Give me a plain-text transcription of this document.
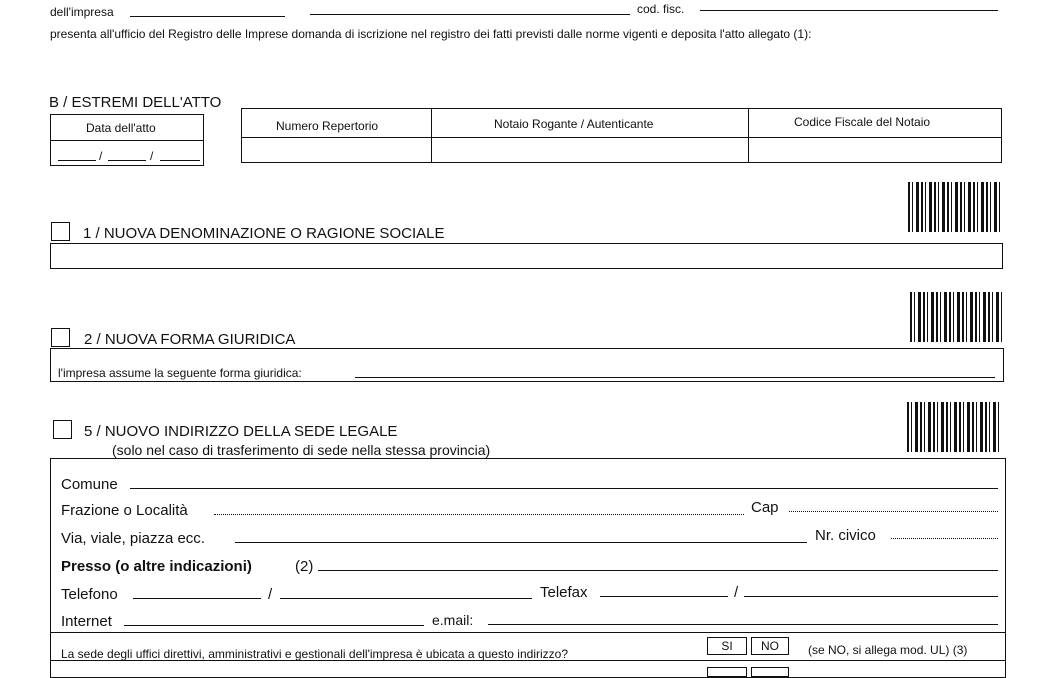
dell'impresa	cod. fisc.
presenta all'ufficio del Registro delle Imprese domanda di iscrizione nel registro dei fatti previsti dalle norme vigenti e deposita l'atto allegato (1):
B / ESTREMI DELL'ATTO
Data dell'atto
/	/
Numero Repertorio	Notaio Rogante / Autenticante	Codice Fiscale del Notaio
1 / NUOVA DENOMINAZIONE O RAGIONE SOCIALE
2 / NUOVA FORMA GIURIDICA
l'impresa assume la seguente forma giuridica:
5 / NUOVO INDIRIZZO DELLA SEDE LEGALE
(solo nel caso di trasferimento di sede nella stessa provincia)
Comune
Frazione o Località	Cap
Via, viale, piazza ecc.	Nr. civico
Presso (o altre indicazioni)	(2)
Telefono	/	Telefax	/
Internet	e.mail:
La sede degli uffici direttivi, amministrativi e gestionali dell'impresa è ubicata a questo indirizzo?
SI	NO	(se NO, si allega mod. UL) (3)
